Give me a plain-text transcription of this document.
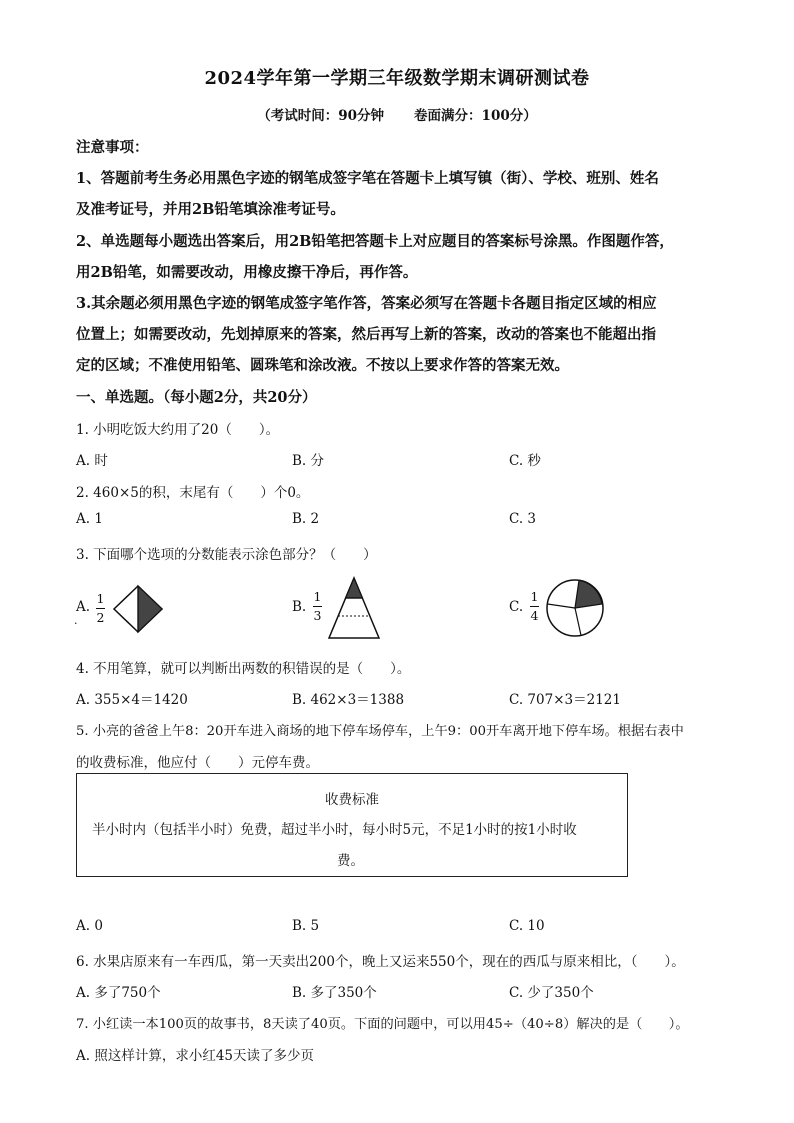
2024学年第一学期三年级数学期末调研测试卷
（考试时间：90分钟 卷面满分：100分）
注意事项：
1、答题前考生务必用黑色字迹的钢笔成签字笔在答题卡上填写镇（街）、学校、班别、姓名
及准考证号，并用2B铅笔填涂准考证号。
2、单选题每小题选出答案后，用2B铅笔把答题卡上对应题目的答案标号涂黑。作图题作答，
用2B铅笔，如需要改动，用橡皮擦干净后，再作答。
3.其余题必须用黑色字迹的钢笔成签字笔作答，答案必须写在答题卡各题目指定区域的相应
位置上；如需要改动，先划掉原来的答案，然后再写上新的答案，改动的答案也不能超出指
定的区域；不准使用铅笔、圆珠笔和涂改液。不按以上要求作答的答案无效。
一、单选题。（每小题2分，共20分）
1. 小明吃饭大约用了20（　　）。
A. 时	B. 分	C. 秒
2. 460×5的积，末尾有（　　）个0。
A. 1	B. 2	C. 3
3. 下面哪个选项的分数能表示涂色部分？（　　）
A.
.
1
2
B.
1
3
C.
1
4
4. 不用笔算，就可以判断出两数的积错误的是（　　）。
A. 355×4＝1420	B. 462×3＝1388	C. 707×3＝2121
5. 小亮的爸爸上午8：20开车进入商场的地下停车场停车，上午9：00开车离开地下停车场。根据右表中
的收费标准，他应付（　　）元停车费。
收费标准
半小时内（包括半小时）免费，超过半小时，每小时5元，不足1小时的按1小时收
费。
A. 0	B. 5	C. 10
6. 水果店原来有一车西瓜，第一天卖出200个，晚上又运来550个，现在的西瓜与原来相比，（　　）。
A. 多了750个	B. 多了350个	C. 少了350个
7. 小红读一本100页的故事书，8天读了40页。下面的问题中，可以用45÷（40÷8）解决的是（　　）。
A. 照这样计算，求小红45天读了多少页
